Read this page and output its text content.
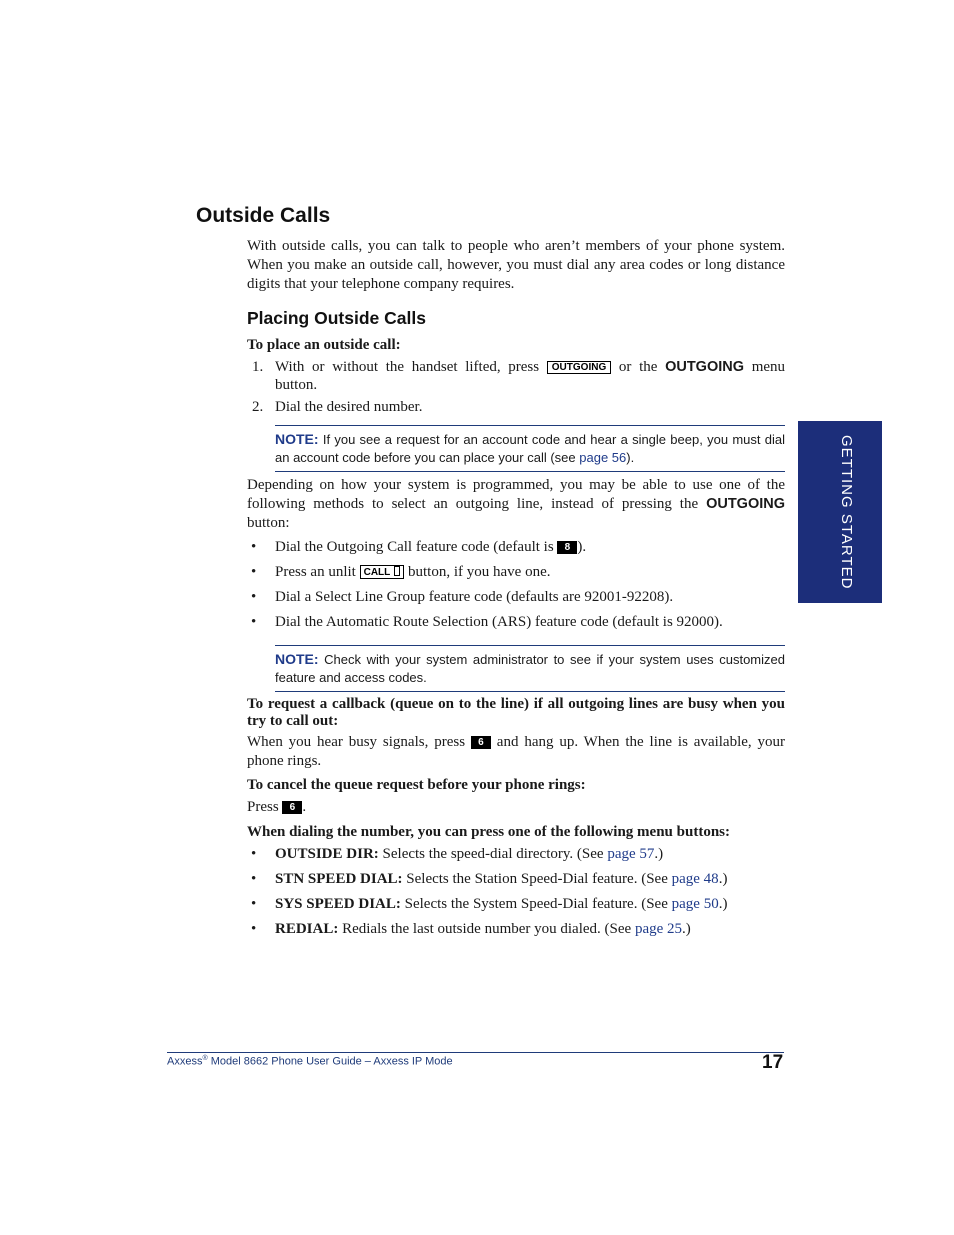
Outside Calls
With outside calls, you can talk to people who aren’t members of your phone system. When you make an outside call, however, you must dial any area codes or long distance digits that your telephone company requires.
Placing Outside Calls
To place an outside call:
1. With or without the handset lifted, press OUTGOING or the OUTGOING menu button.
2. Dial the desired number.
NOTE: If you see a request for an account code and hear a single beep, you must dial an account code before you can place your call (see page 56).
Depending on how your system is programmed, you may be able to use one of the following methods to select an outgoing line, instead of pressing the OUTGOING button:
• Dial the Outgoing Call feature code (default is 8 ).
• Press an unlit CALL button, if you have one.
• Dial a Select Line Group feature code (defaults are 92001-92208).
• Dial the Automatic Route Selection (ARS) feature code (default is 92000).
NOTE: Check with your system administrator to see if your system uses customized feature and access codes.
To request a callback (queue on to the line) if all outgoing lines are busy when you try to call out:
When you hear busy signals, press 6 and hang up. When the line is available, your phone rings.
To cancel the queue request before your phone rings:
Press 6 .
When dialing the number, you can press one of the following menu buttons:
• OUTSIDE DIR: Selects the speed-dial directory. (See page 57.)
• STN SPEED DIAL: Selects the Station Speed-Dial feature. (See page 48.)
• SYS SPEED DIAL: Selects the System Speed-Dial feature. (See page 50.)
• REDIAL: Redials the last outside number you dialed. (See page 25.)
GETTING STARTED
Axxess® Model 8662 Phone User Guide – Axxess IP Mode	17
